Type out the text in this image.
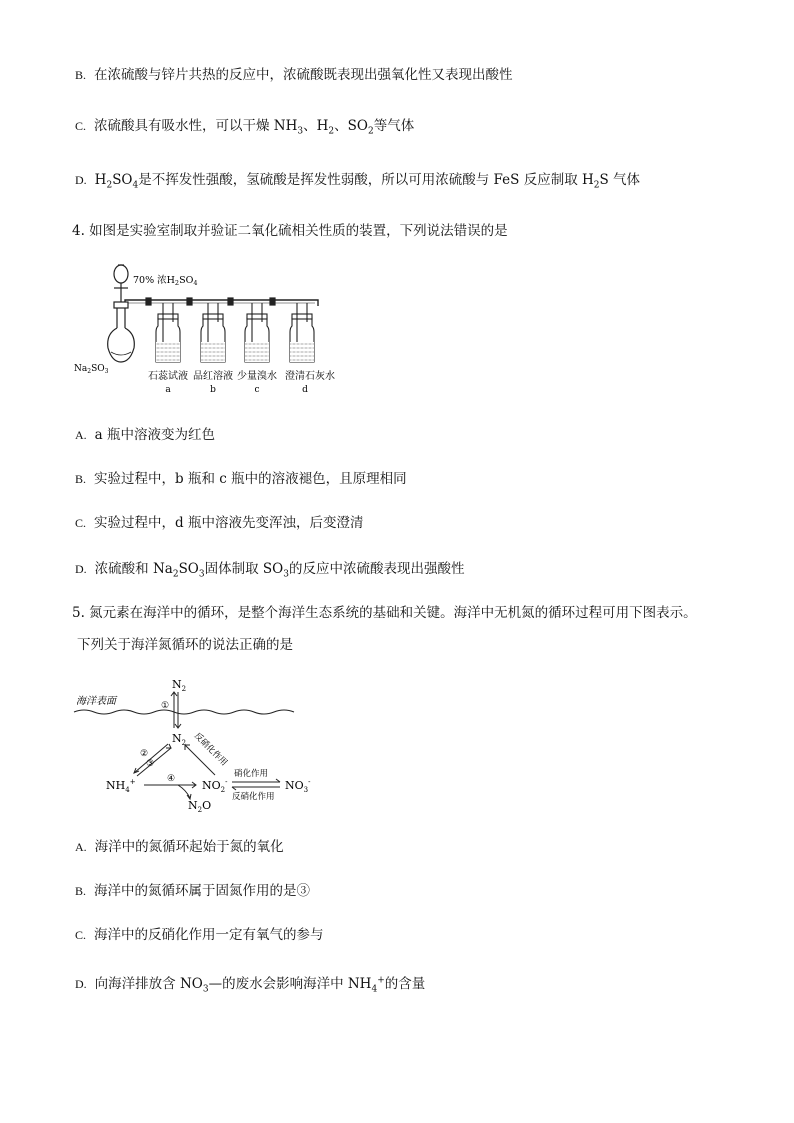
B. 在浓硫酸与锌片共热的反应中，浓硫酸既表现出强氧化性又表现出酸性
C. 浓硫酸具有吸水性，可以干燥 $NH_3$、$H_2$、$SO_2$等气体
D. $H_2SO_4$是不挥发性强酸，氢硫酸是挥发性弱酸，所以可用浓硫酸与 FeS 反应制取 $H_2S$ 气体
4. 如图是实验室制取并验证二氧化硫相关性质的装置，下列说法错误的是
70% 浓$H_2SO_4$
$Na_2SO_3$	石蕊试液
a
品红溶液
b
少量溴水
c
澄清石灰水
d
A. a 瓶中溶液变为红色
B. 实验过程中，b 瓶和 c 瓶中的溶液褪色，且原理相同
C. 实验过程中，d 瓶中溶液先变浑浊，后变澄清
D. 浓硫酸和 $Na_2SO_3$固体制取 $SO_3$的反应中浓硫酸表现出强酸性
5. 氮元素在海洋中的循环，是整个海洋生态系统的基础和关键。海洋中无机氮的循环过程可用下图表示。
下列关于海洋氮循环的说法正确的是
海洋表面
$N_2$
①
$N_2$
②
③	反硝化作用
$NH_4^+$	④ $NO_2^-$
$N_2O$
硝化作用
反硝化作用
$NO_3^-$
A. 海洋中的氮循环起始于氮的氧化
B. 海洋中的氮循环属于固氮作用的是③
C. 海洋中的反硝化作用一定有氧气的参与
D. 向海洋排放含 $NO_3—$的废水会影响海洋中 $NH_4^+$的含量
